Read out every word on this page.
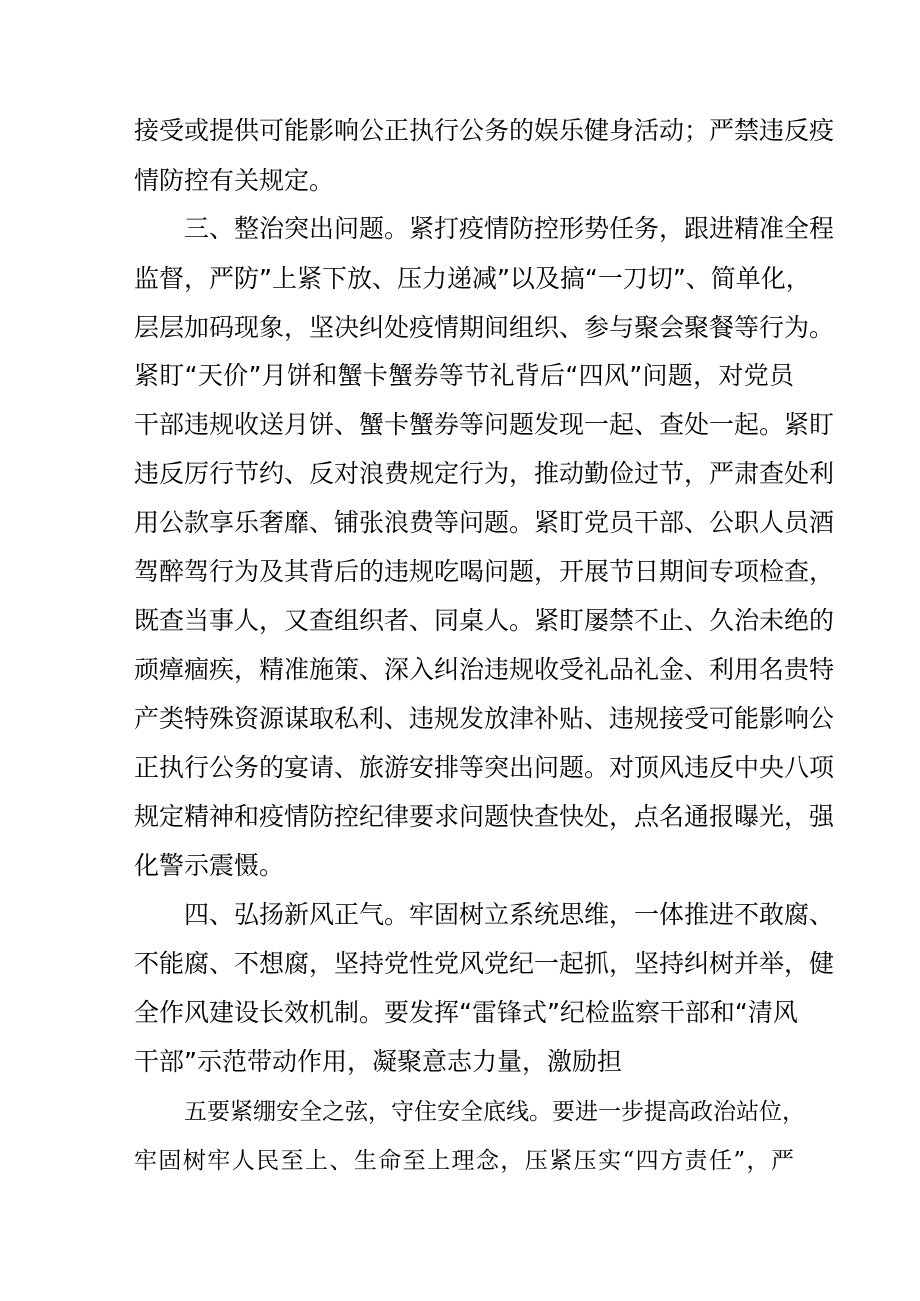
接受或提供可能影响公正执行公务的娱乐健身活动；严禁违反疫
情防控有关规定。
三、整治突出问题。紧打疫情防控形势任务，跟进精准全程
监督，严防”上紧下放、压力递减”以及搞“一刀切”、简单化，
层层加码现象，坚决纠处疫情期间组织、参与聚会聚餐等行为。
紧盯“天价”月饼和蟹卡蟹券等节礼背后“四风”问题，对党员
干部违规收送月饼、蟹卡蟹券等问题发现一起、查处一起。紧盯
违反厉行节约、反对浪费规定行为，推动勤俭过节，严肃查处利
用公款享乐奢靡、铺张浪费等问题。紧盯党员干部、公职人员酒
驾醉驾行为及其背后的违规吃喝问题，开展节日期间专项检查，
既查当事人，又查组织者、同桌人。紧盯屡禁不止、久治未绝的
顽瘴痼疾，精准施策、深入纠治违规收受礼品礼金、利用名贵特
产类特殊资源谋取私利、违规发放津补贴、违规接受可能影响公
正执行公务的宴请、旅游安排等突出问题。对顶风违反中央八项
规定精神和疫情防控纪律要求问题快查快处，点名通报曝光，强
化警示震慑。
四、弘扬新风正气。牢固树立系统思维，一体推进不敢腐、
不能腐、不想腐，坚持党性党风党纪一起抓，坚持纠树并举，健
全作风建设长效机制。要发挥“雷锋式”纪检监察干部和“清风
干部”示范带动作用，凝聚意志力量，激励担
五要紧绷安全之弦，守住安全底线。要进一步提高政治站位，
牢固树牢人民至上、生命至上理念，压紧压实“四方责任”，严
